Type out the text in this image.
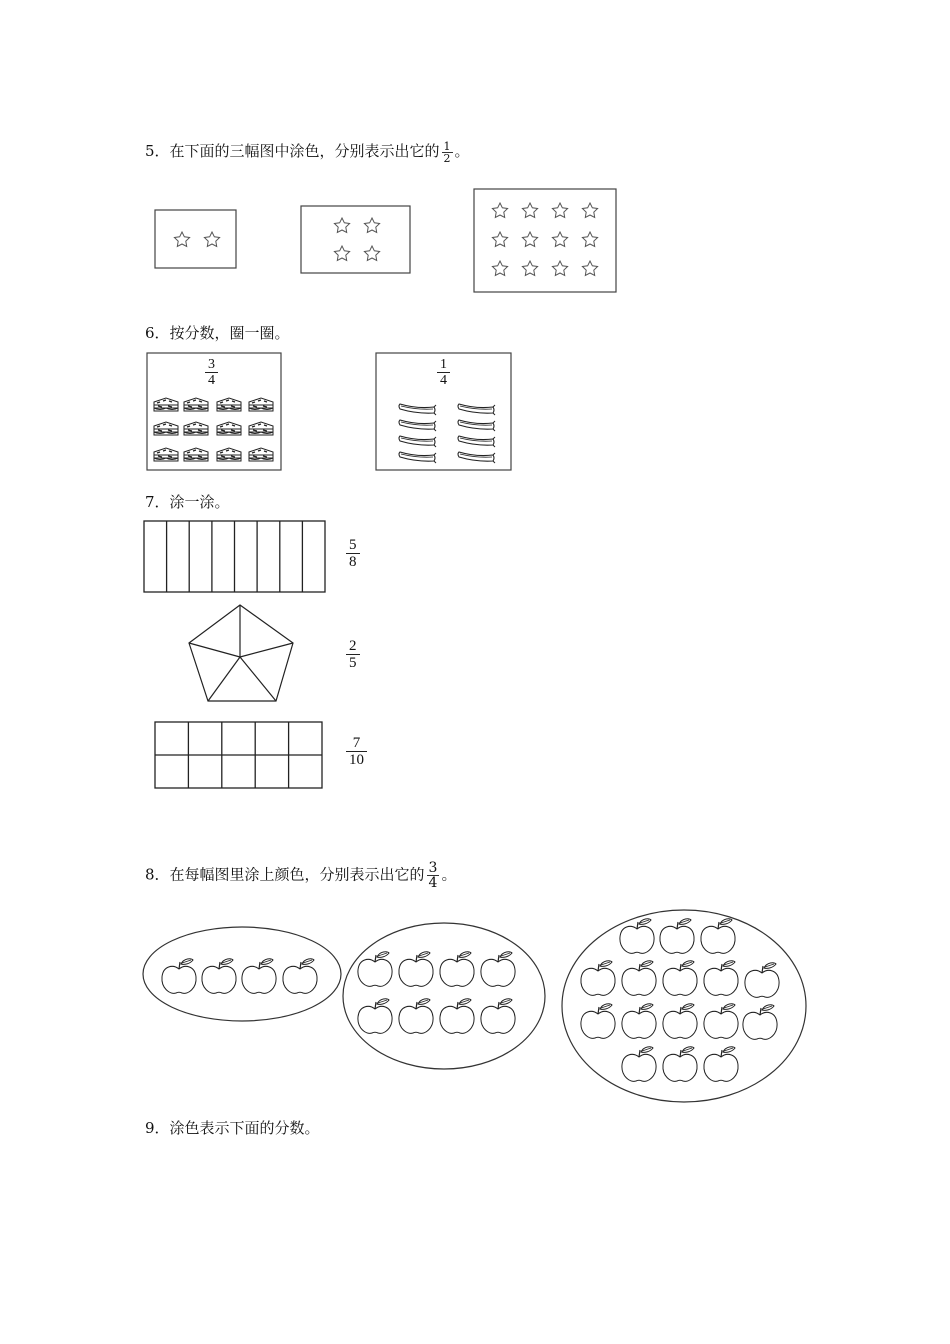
5．在下面的三幅图中涂色，分别表示出它的 $\frac{1}{2}$ 。
6．按分数，圈一圈。
3
4
1
4
7．涂一涂。
5
8
2
5
7
10
8．在每幅图里涂上颜色，分别表示出它的 $\frac{3}{4}$ 。
9．涂色表示下面的分数。
